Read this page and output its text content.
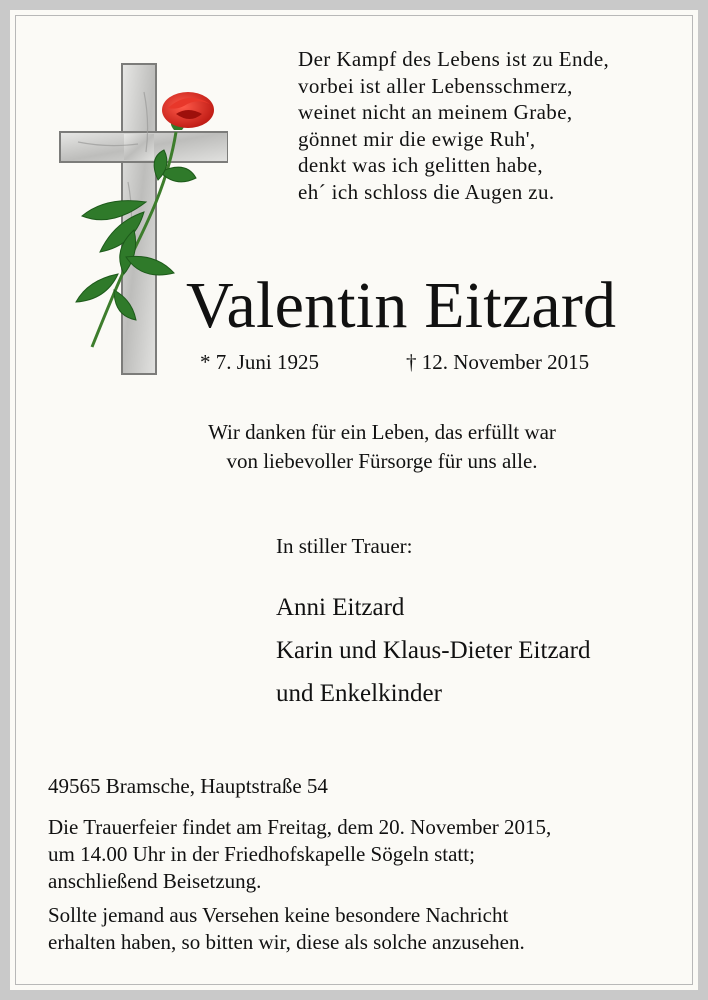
Der Kampf des Lebens ist zu Ende,
vorbei ist aller Lebensschmerz,
weinet nicht an meinem Grabe,
gönnet mir die ewige Ruh',
denkt was ich gelitten habe,
eh´ ich schloss die Augen zu.
Valentin Eitzard
* 7. Juni 1925	† 12. November 2015
Wir danken für ein Leben, das erfüllt war
von liebevoller Fürsorge für uns alle.
In stiller Trauer:
Anni Eitzard
Karin und Klaus-Dieter Eitzard
und Enkelkinder
49565 Bramsche, Hauptstraße 54
Die Trauerfeier findet am Freitag, dem 20. November 2015,
um 14.00 Uhr in der Friedhofskapelle Sögeln statt;
anschließend Beisetzung.
Sollte jemand aus Versehen keine besondere Nachricht
erhalten haben, so bitten wir, diese als solche anzusehen.
